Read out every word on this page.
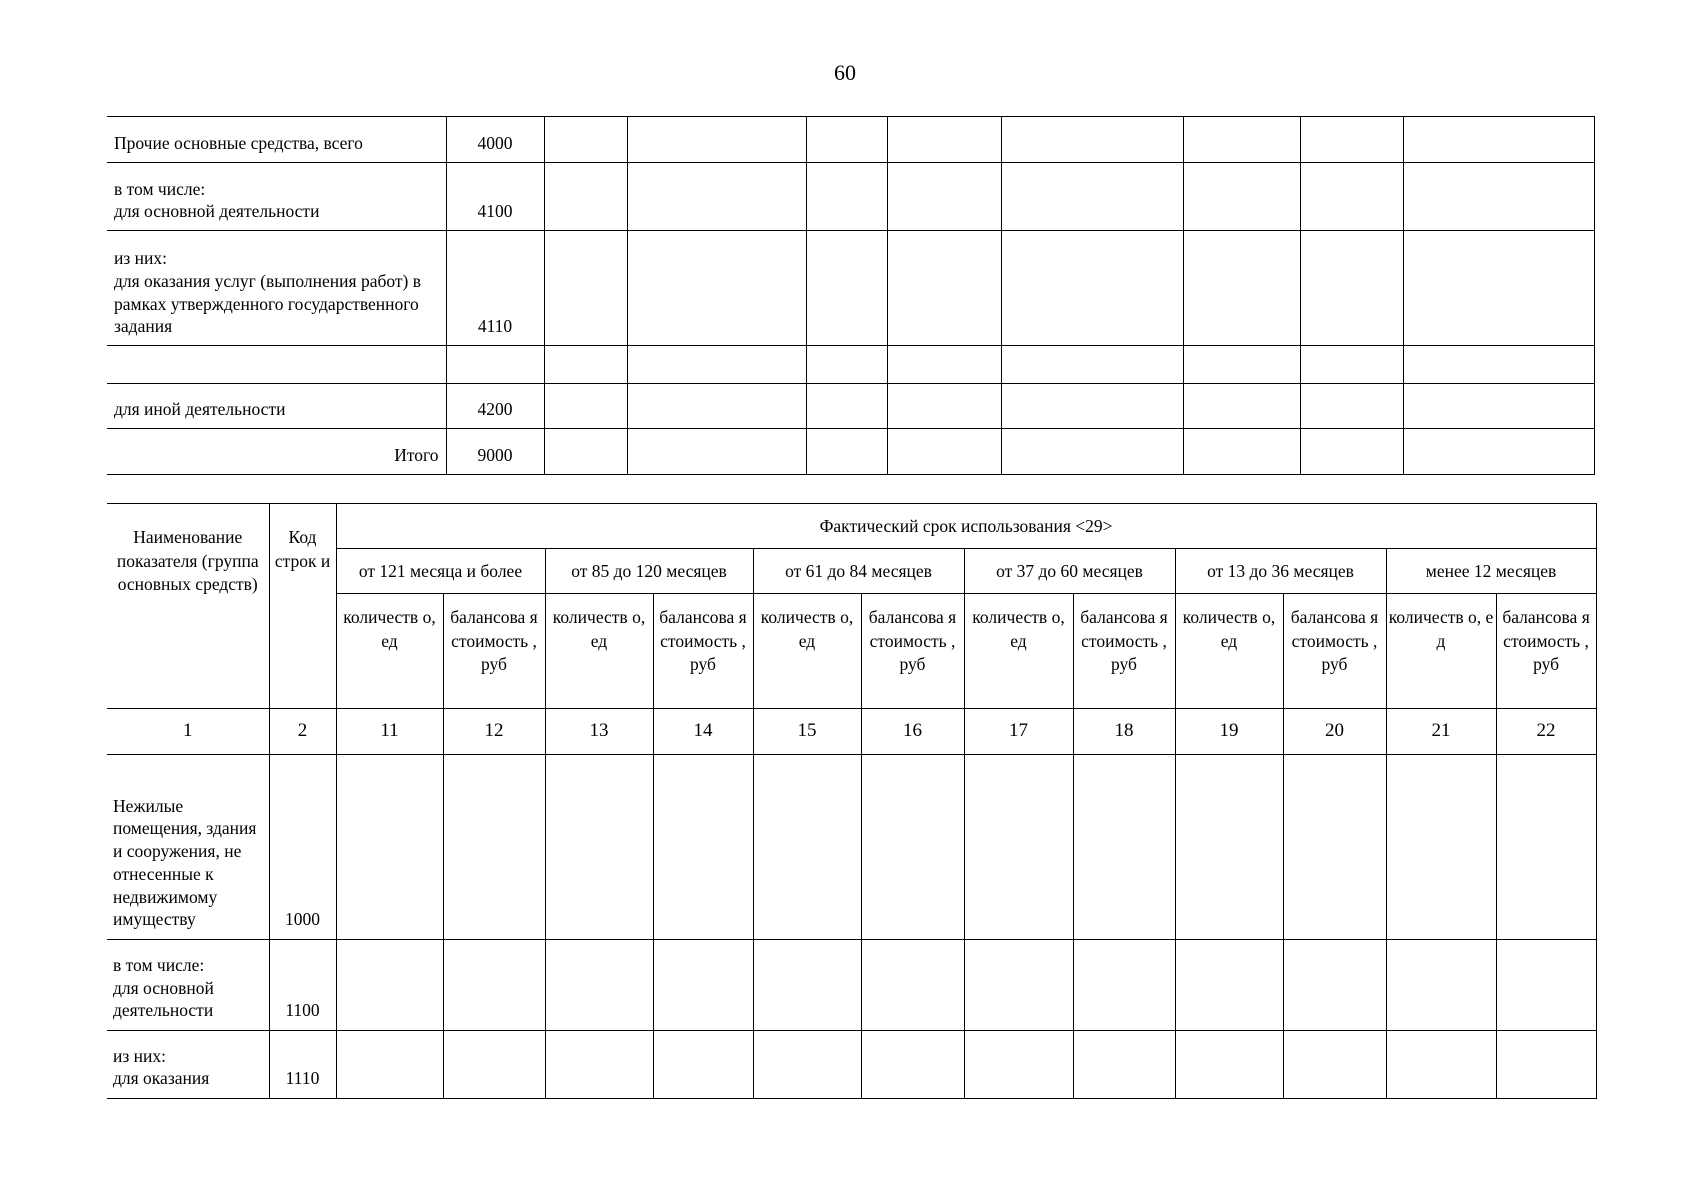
60
Прочие основные средства, всего	4000								
в том числе:
для основной деятельности	4100								
из них:
для оказания услуг (выполнения работ) в рамках утвержденного государственного задания	4110								

для иной деятельности	4200								
Итого	9000								
Наименование показателя (группа основных средств)	Код строк и	Фактический срок использования <29>											
		от 121 месяца и более		от 85 до 120 месяцев		от 61 до 84 месяцев		от 37 до 60 месяцев		от 13 до 36 месяцев		менее 12 месяцев	
		количеств о, ед	балансова я стоимость , руб	количеств о, ед	балансова я стоимость , руб	количеств о, ед	балансова я стоимость , руб	количеств о, ед	балансова я стоимость , руб	количеств о, ед	балансова я стоимость , руб	количеств о, ед	балансова я стоимость , руб
1	2	11	12	13	14	15	16	17	18	19	20	21	22
Нежилые помещения, здания и сооружения, не отнесенные к недвижимому имуществу	1000												
в том числе:
для основной деятельности	1100												
из них:
для оказания	1110												
